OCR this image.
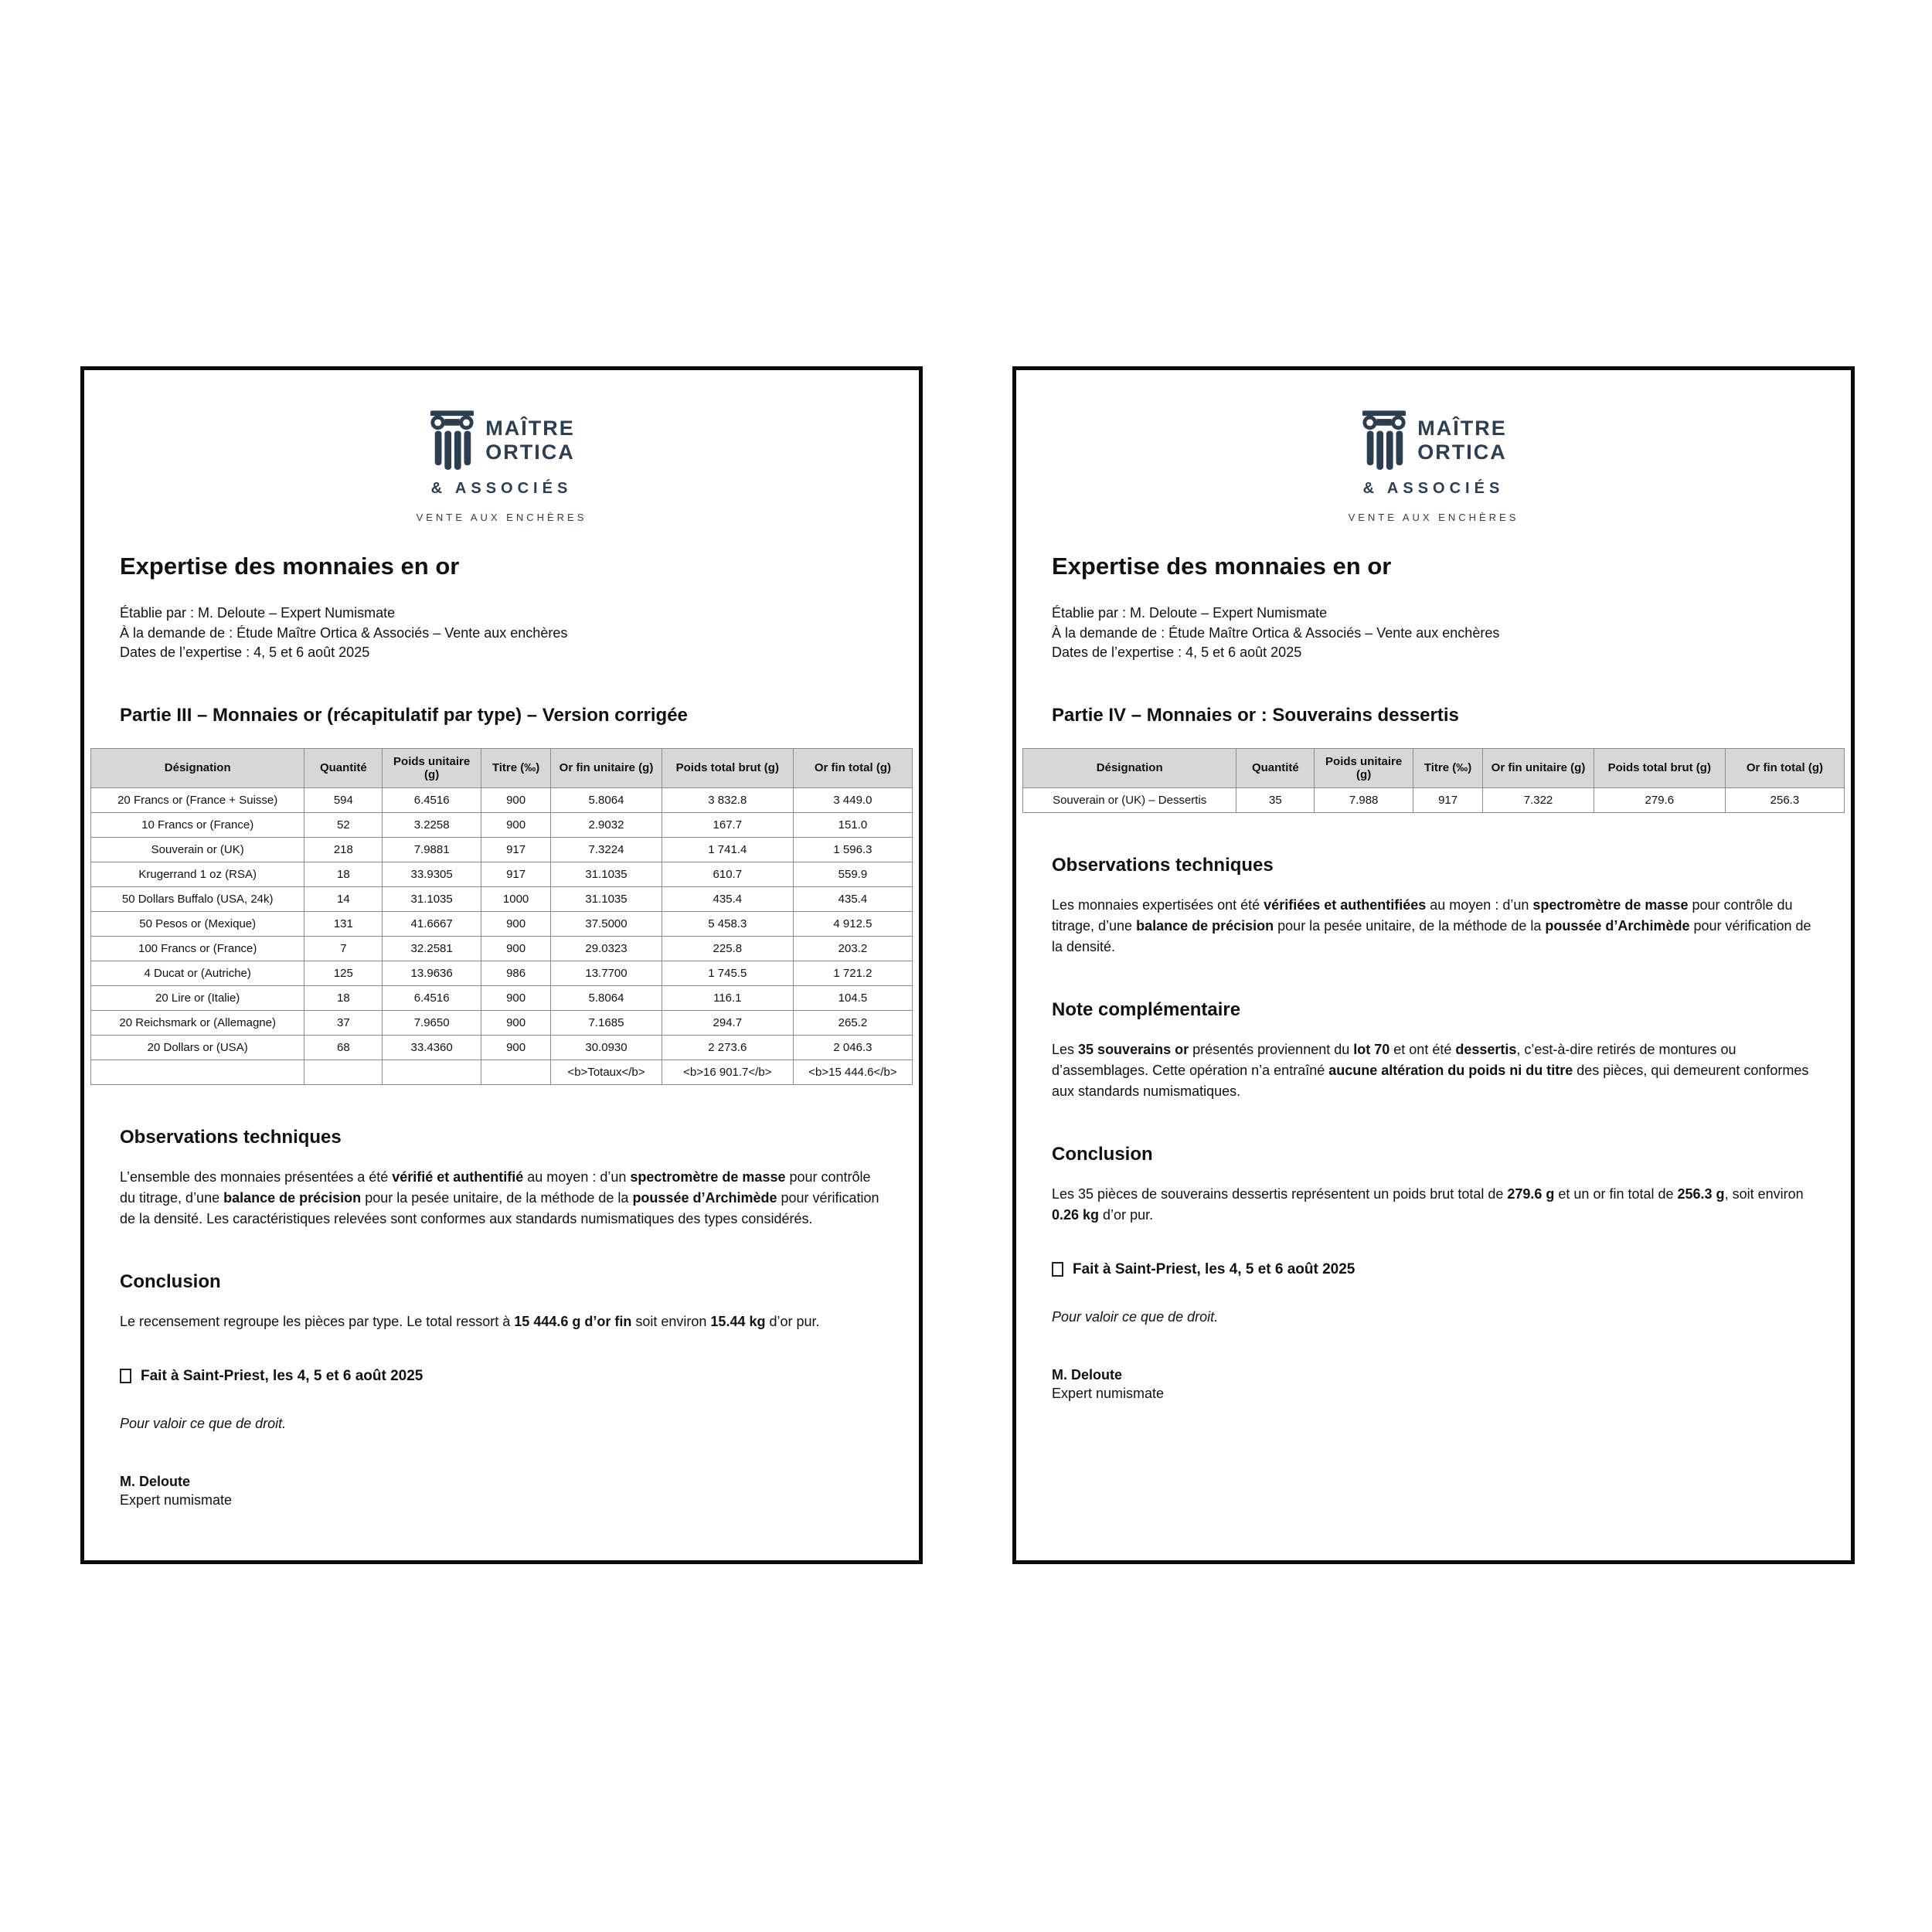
MAÎTRE
ORTICA
& ASSOCIÉS
VENTE AUX ENCHÈRES
Expertise des monnaies en or
Établie par : M. Deloute – Expert Numismate
À la demande de : Étude Maître Ortica & Associés – Vente aux enchères
Dates de l’expertise : 4, 5 et 6 août 2025
Partie III – Monnaies or (récapitulatif par type) – Version corrigée
Désignation	Quantité	Poids unitaire (g)	Titre (‰)	Or fin unitaire (g)	Poids total brut (g)	Or fin total (g)
20 Francs or (France + Suisse)	594	6.4516	900	5.8064	3 832.8	3 449.0
10 Francs or (France)	52	3.2258	900	2.9032	167.7	151.0
Souverain or (UK)	218	7.9881	917	7.3224	1 741.4	1 596.3
Krugerrand 1 oz (RSA)	18	33.9305	917	31.1035	610.7	559.9
50 Dollars Buffalo (USA, 24k)	14	31.1035	1000	31.1035	435.4	435.4
50 Pesos or (Mexique)	131	41.6667	900	37.5000	5 458.3	4 912.5
100 Francs or (France)	7	32.2581	900	29.0323	225.8	203.2
4 Ducat or (Autriche)	125	13.9636	986	13.7700	1 745.5	1 721.2
20 Lire or (Italie)	18	6.4516	900	5.8064	116.1	104.5
20 Reichsmark or (Allemagne)	37	7.9650	900	7.1685	294.7	265.2
20 Dollars or (USA)	68	33.4360	900	30.0930	2 273.6	2 046.3
				<b>Totaux</b>	<b>16 901.7</b>	<b>15 444.6</b>
Observations techniques

L’ensemble des monnaies présentées a été vérifié et authentifié au moyen : d’un spectromètre de masse pour contrôle du titrage, d’une balance de précision pour la pesée unitaire, de la méthode de la poussée d’Archimède pour vérification de la densité. Les caractéristiques relevées sont conformes aux standards numismatiques des types considérés.

Conclusion

Le recensement regroupe les pièces par type. Le total ressort à 15 444.6 g d’or fin soit environ 15.44 kg d’or pur.

Fait à Saint-Priest, les 4, 5 et 6 août 2025

Pour valoir ce que de droit.

M. Deloute
Expert numismate
MAÎTRE
ORTICA
& ASSOCIÉS
VENTE AUX ENCHÈRES
Expertise des monnaies en or
Établie par : M. Deloute – Expert Numismate
À la demande de : Étude Maître Ortica & Associés – Vente aux enchères
Dates de l’expertise : 4, 5 et 6 août 2025
Partie IV – Monnaies or : Souverains dessertis
Désignation	Quantité	Poids unitaire (g)	Titre (‰)	Or fin unitaire (g)	Poids total brut (g)	Or fin total (g)
Souverain or (UK) – Dessertis	35	7.988	917	7.322	279.6	256.3
Observations techniques

Les monnaies expertisées ont été vérifiées et authentifiées au moyen : d’un spectromètre de masse pour contrôle du titrage, d’une balance de précision pour la pesée unitaire, de la méthode de la poussée d’Archimède pour vérification de la densité.

Note complémentaire

Les 35 souverains or présentés proviennent du lot 70 et ont été dessertis, c’est-à-dire retirés de montures ou d’assemblages. Cette opération n’a entraîné aucune altération du poids ni du titre des pièces, qui demeurent conformes aux standards numismatiques.

Conclusion

Les 35 pièces de souverains dessertis représentent un poids brut total de 279.6 g et un or fin total de 256.3 g, soit environ 0.26 kg d’or pur.

Fait à Saint-Priest, les 4, 5 et 6 août 2025

Pour valoir ce que de droit.

M. Deloute
Expert numismate
